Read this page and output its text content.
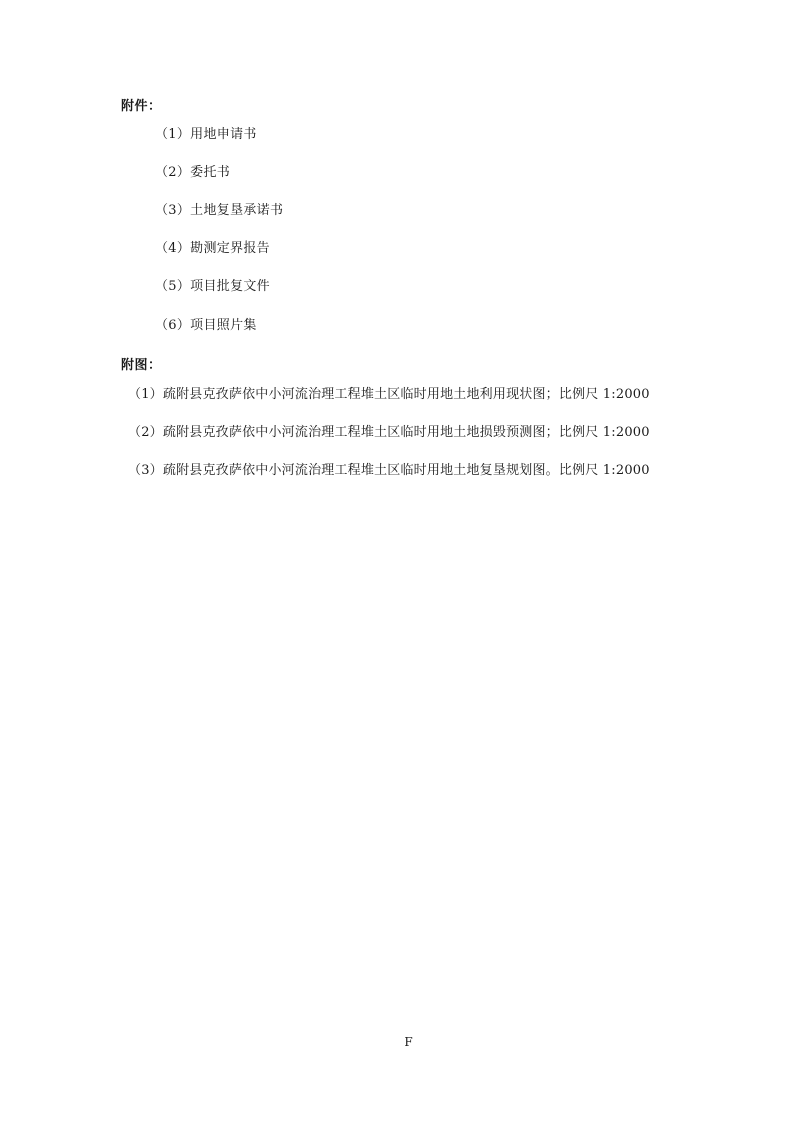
附件：
（1）用地申请书
（2）委托书
（3）土地复垦承诺书
（4）勘测定界报告
（5）项目批复文件
（6）项目照片集
附图：
（1）疏附县克孜萨依中小河流治理工程堆土区临时用地土地利用现状图；比例尺 1:2000
（2）疏附县克孜萨依中小河流治理工程堆土区临时用地土地损毁预测图；比例尺 1:2000
（3）疏附县克孜萨依中小河流治理工程堆土区临时用地土地复垦规划图。比例尺 1:2000
F
